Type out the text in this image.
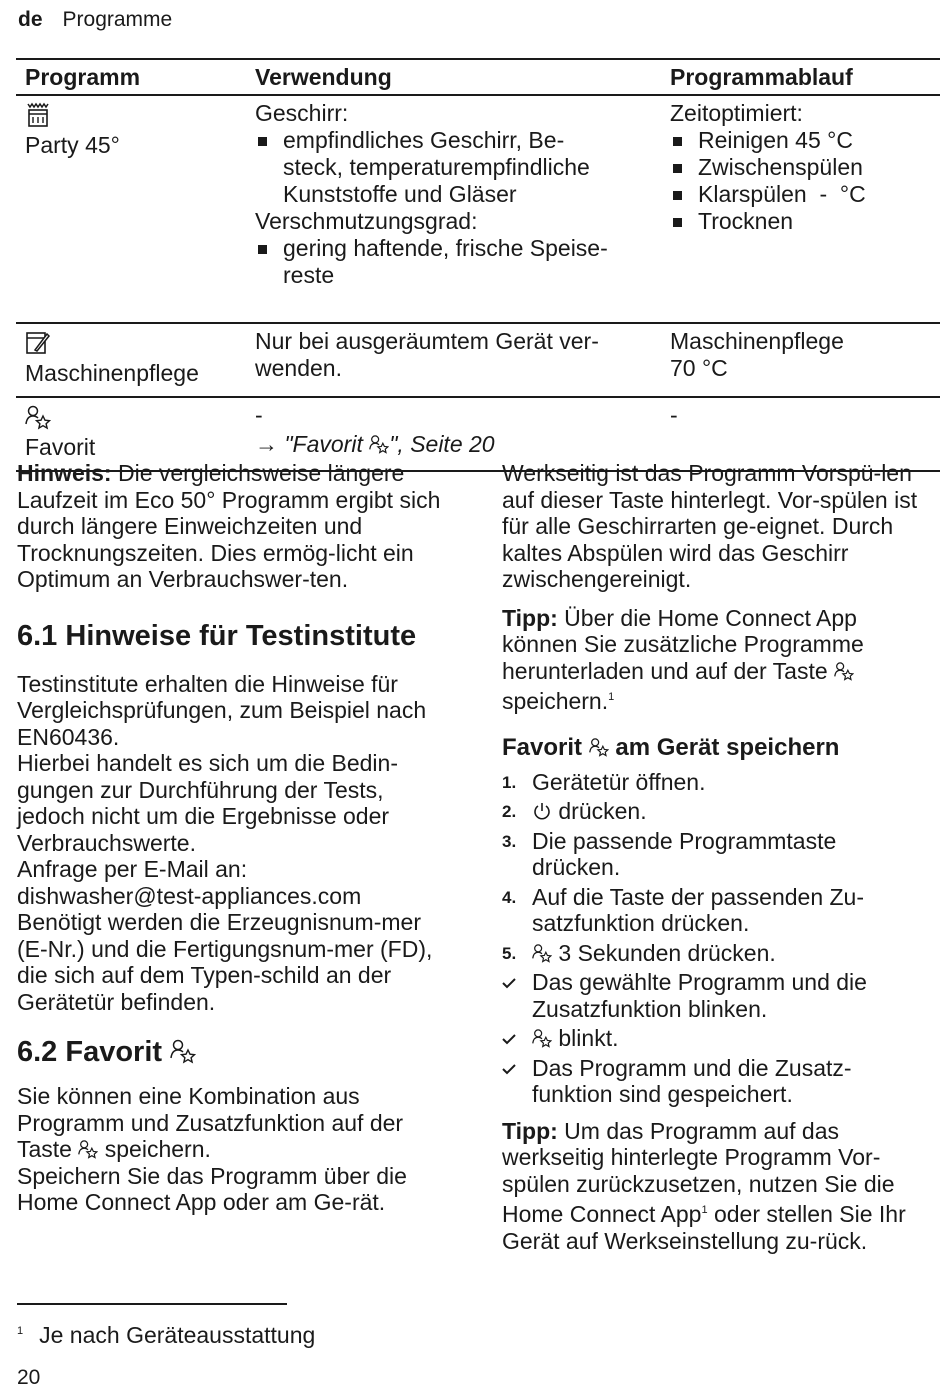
de Programme
Programm	Verwendung	Programmablauf
Party 45°
Geschirr:
empfindliches Geschirr, Be-
steck, temperaturempfindliche
Kunststoffe und Gläser
Verschmutzungsgrad:
gering haftende, frische Speise-
reste
Zeitoptimiert:
Reinigen 45 °C
Zwischenspülen
Klarspülen  -  °C
Trocknen
Maschinenpflege
Nur bei ausgeräumtem Gerät ver-
wenden.
Maschinenpflege
70 °C
Favorit
-
→ "Favorit ", Seite 20
-

Hinweis: Die vergleichsweise längere Laufzeit im Eco 50° Programm ergibt sich durch längere Einweichzeiten und Trocknungszeiten. Dies ermög-licht ein Optimum an Verbrauchswer-ten.

6.1 Hinweise für Testinstitute

Testinstitute erhalten die Hinweise für Vergleichsprüfungen, zum Beispiel nach EN60436.
Hierbei handelt es sich um die Bedin-gungen zur Durchführung der Tests, jedoch nicht um die Ergebnisse oder Verbrauchswerte.
Anfrage per E-Mail an:
dishwasher@test-appliances.com
Benötigt werden die Erzeugnisnum-mer (E-Nr.) und die Fertigungsnum-mer (FD), die sich auf dem Typen-schild an der Gerätetür befinden.

6.2 Favorit

Sie können eine Kombination aus Programm und Zusatzfunktion auf der Taste  speichern.
Speichern Sie das Programm über die Home Connect App oder am Ge-rät.

Werkseitig ist das Programm Vorspü-len auf dieser Taste hinterlegt. Vor-spülen ist für alle Geschirrarten ge-eignet. Durch kaltes Abspülen wird das Geschirr zwischengereinigt.

Tipp: Über die Home Connect App können Sie zusätzliche Programme herunterladen und auf der Taste
speichern.$^1$

Favorit  am Gerät speichern
1. Gerätetür öffnen.
2. drücken.
3. Die passende Programmtaste drücken.
4. Auf die Taste der passenden Zu-satzfunktion drücken.
5. 3 Sekunden drücken.
Das gewählte Programm und die Zusatzfunktion blinken.
blinkt.
Das Programm und die Zusatz-funktion sind gespeichert.

Tipp: Um das Programm auf das werkseitig hinterlegte Programm Vor-spülen zurückzusetzen, nutzen Sie die Home Connect App$^1$ oder stellen Sie Ihr Gerät auf Werkseinstellung zu-rück.

$^1$ Je nach Geräteausstattung
20
